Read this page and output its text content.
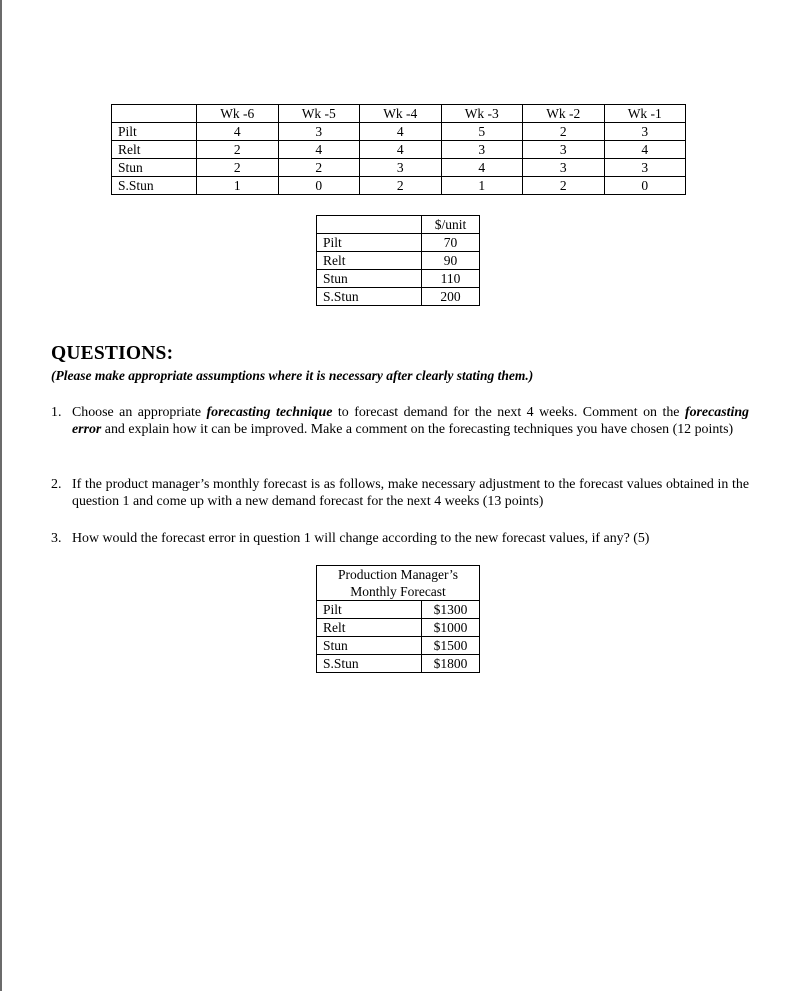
	Wk -6	Wk -5	Wk -4	Wk -3	Wk -2	Wk -1
Pilt	4	3	4	5	2	3
Relt	2	4	4	3	3	4
Stun	2	2	3	4	3	3
S.Stun	1	0	2	1	2	0
	$/unit
Pilt	70
Relt	90
Stun	110
S.Stun	200
QUESTIONS:

(Please make appropriate assumptions where it is necessary after clearly stating them.)

1. Choose an appropriate forecasting technique to forecast demand for the next 4 weeks. Comment on the forecasting error and explain how it can be improved. Make a comment on the forecasting techniques you have chosen (12 points)
2. If the product manager’s monthly forecast is as follows, make necessary adjustment to the forecast values obtained in the question 1 and come up with a new demand forecast for the next 4 weeks (13 points)
3. How would the forecast error in question 1 will change according to the new forecast values, if any? (5)
Production Manager’s
Monthly Forecast	

Pilt	$1300
Relt	$1000
Stun	$1500
S.Stun	$1800
